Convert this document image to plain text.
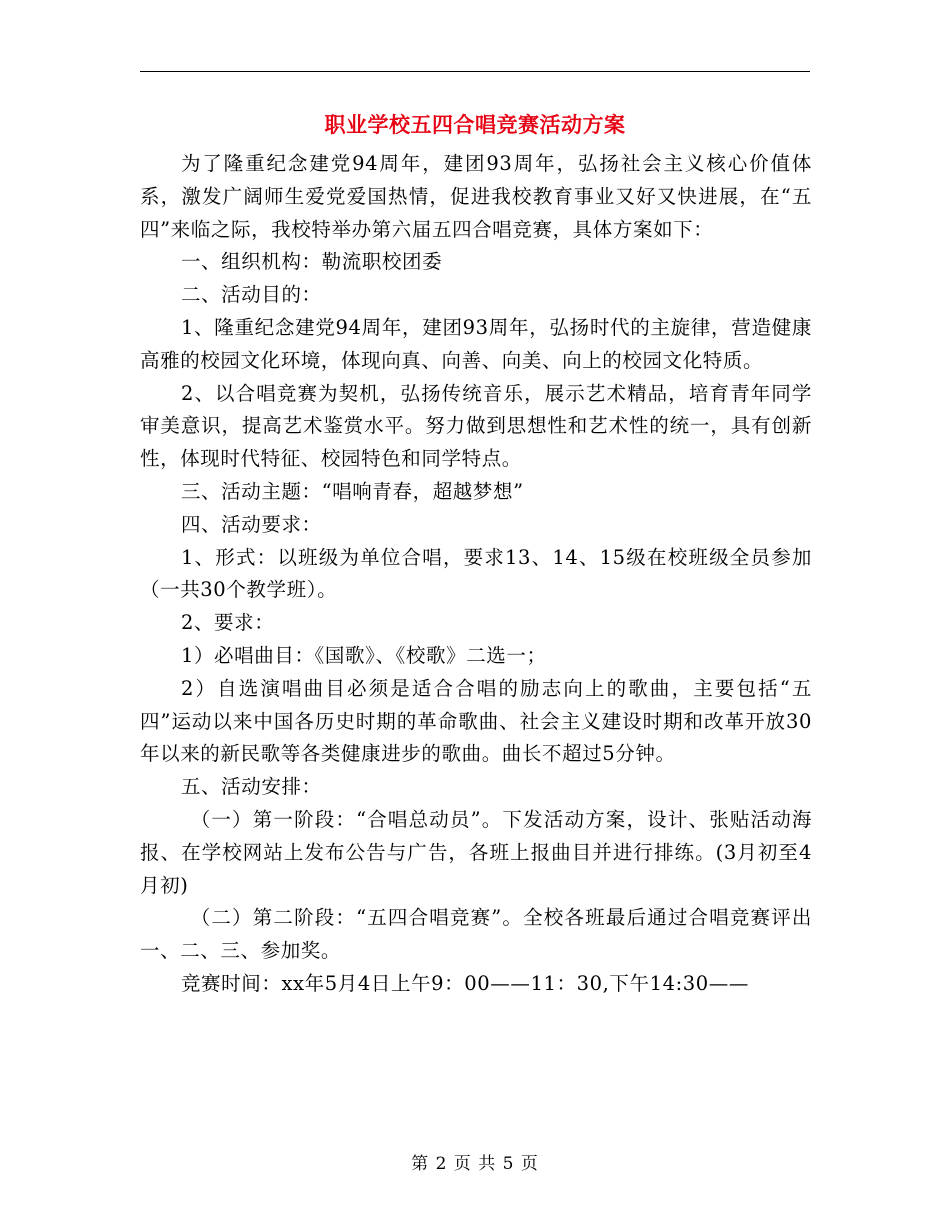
职业学校五四合唱竞赛活动方案

为了隆重纪念建党94周年，建团93周年，弘扬社会主义核心价值体系，激发广阔师生爱党爱国热情，促进我校教育事业又好又快进展，在“五四”来临之际，我校特举办第六届五四合唱竞赛，具体方案如下：

一、组织机构：勒流职校团委

二、活动目的：

1、隆重纪念建党94周年，建团93周年，弘扬时代的主旋律，营造健康高雅的校园文化环境，体现向真、向善、向美、向上的校园文化特质。

2、以合唱竞赛为契机，弘扬传统音乐，展示艺术精品，培育青年同学审美意识，提高艺术鉴赏水平。努力做到思想性和艺术性的统一，具有创新性，体现时代特征、校园特色和同学特点。

三、活动主题：“唱响青春，超越梦想”

四、活动要求：

1、形式：以班级为单位合唱，要求13、14、15级在校班级全员参加（一共30个教学班）。

2、要求：

1）必唱曲目：《国歌》、《校歌》二选一；

2）自选演唱曲目必须是适合合唱的励志向上的歌曲，主要包括“五四”运动以来中国各历史时期的革命歌曲、社会主义建设时期和改革开放30年以来的新民歌等各类健康进步的歌曲。曲长不超过5分钟。

五、活动安排：

（一）第一阶段：“合唱总动员”。下发活动方案，设计、张贴活动海报、在学校网站上发布公告与广告，各班上报曲目并进行排练。(3月初至4月初)

（二）第二阶段：“五四合唱竞赛”。全校各班最后通过合唱竞赛评出一、二、三、参加奖。

竞赛时间：xx年5月4日上午9：00——11：30,下午14:30——

第 2 页 共 5 页
